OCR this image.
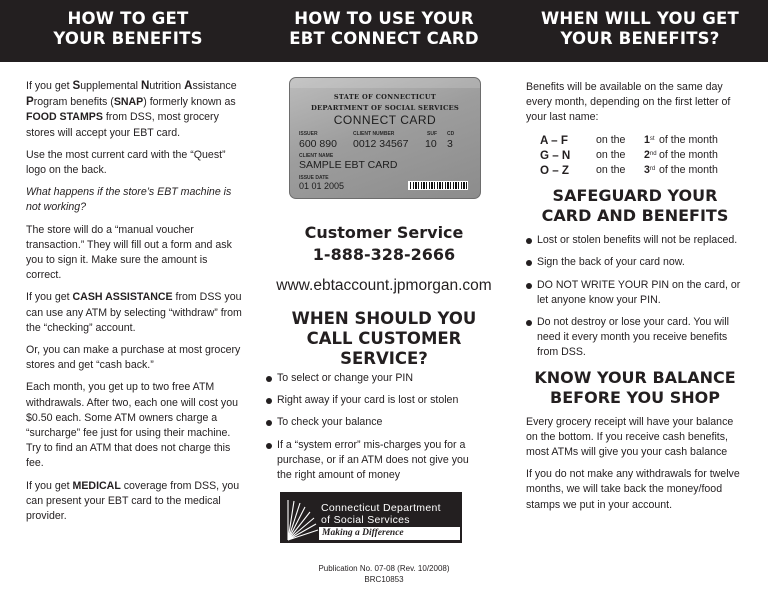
HOW TO GET
YOUR BENEFITS
HOW TO USE YOUR
EBT CONNECT CARD
WHEN WILL YOU GET
YOUR BENEFITS?

If you get Supplemental Nutrition Assistance Program benefits (SNAP) formerly known as FOOD STAMPS from DSS, most grocery stores will accept your EBT card.

Use the most current card with the “Quest” logo on the back.

What happens if the store’s EBT machine is not working?

The store will do a “manual voucher transaction.” They will fill out a form and ask you to sign it. Make sure the amount is correct.

If you get CASH ASSISTANCE from DSS you can use any ATM by selecting “withdraw” from the “checking” account.

Or, you can make a purchase at most grocery stores and get “cash back.”

Each month, you get up to two free ATM withdrawals. After two, each one will cost you $0.50 each. Some ATM owners charge a “surcharge” fee just for using their machine. Try to find an ATM that does not charge this fee.

If you get MEDICAL coverage from DSS, you can present your EBT card to the medical provider.

STATE OF CONNECTICUT
DEPARTMENT OF SOCIAL SERVICES
CONNECT CARD
ISSUER
600 890
CLIENT NUMBER
0012 34567
SUF
10
CD
3
CLIENT NAME
SAMPLE EBT CARD
ISSUE DATE
01 01 2005
Customer Service
1-888-328-2666
www.ebtaccount.jpmorgan.com
WHEN SHOULD YOU
CALL CUSTOMER
SERVICE?
To select or change your PIN
Right away if your card is lost or stolen
To check your balance
If a “system error” mis-charges you for a purchase, or if an ATM does not give you the right amount of money
Connecticut Department
of Social Services
Making a Difference
Publication No. 07-08 (Rev. 10/2008)
BRC10853

Benefits will be available on the same day every month, depending on the first letter of your last name:

A – F	on the 1st of the month
G – N on the 2nd of the month
O – Z	on the 3rd of the month
SAFEGUARD YOUR
CARD AND BENEFITS
Lost or stolen benefits will not be replaced.
Sign the back of your card now.
DO NOT WRITE YOUR PIN on the card, or let anyone know your PIN.
Do not destroy or lose your card. You will need it every month you receive benefits from DSS.
KNOW YOUR BALANCE
BEFORE YOU SHOP

Every grocery receipt will have your balance on the bottom. If you receive cash benefits, most ATMs will give you your cash balance

If you do not make any withdrawals for twelve months, we will take back the money/food stamps we put in your account.
